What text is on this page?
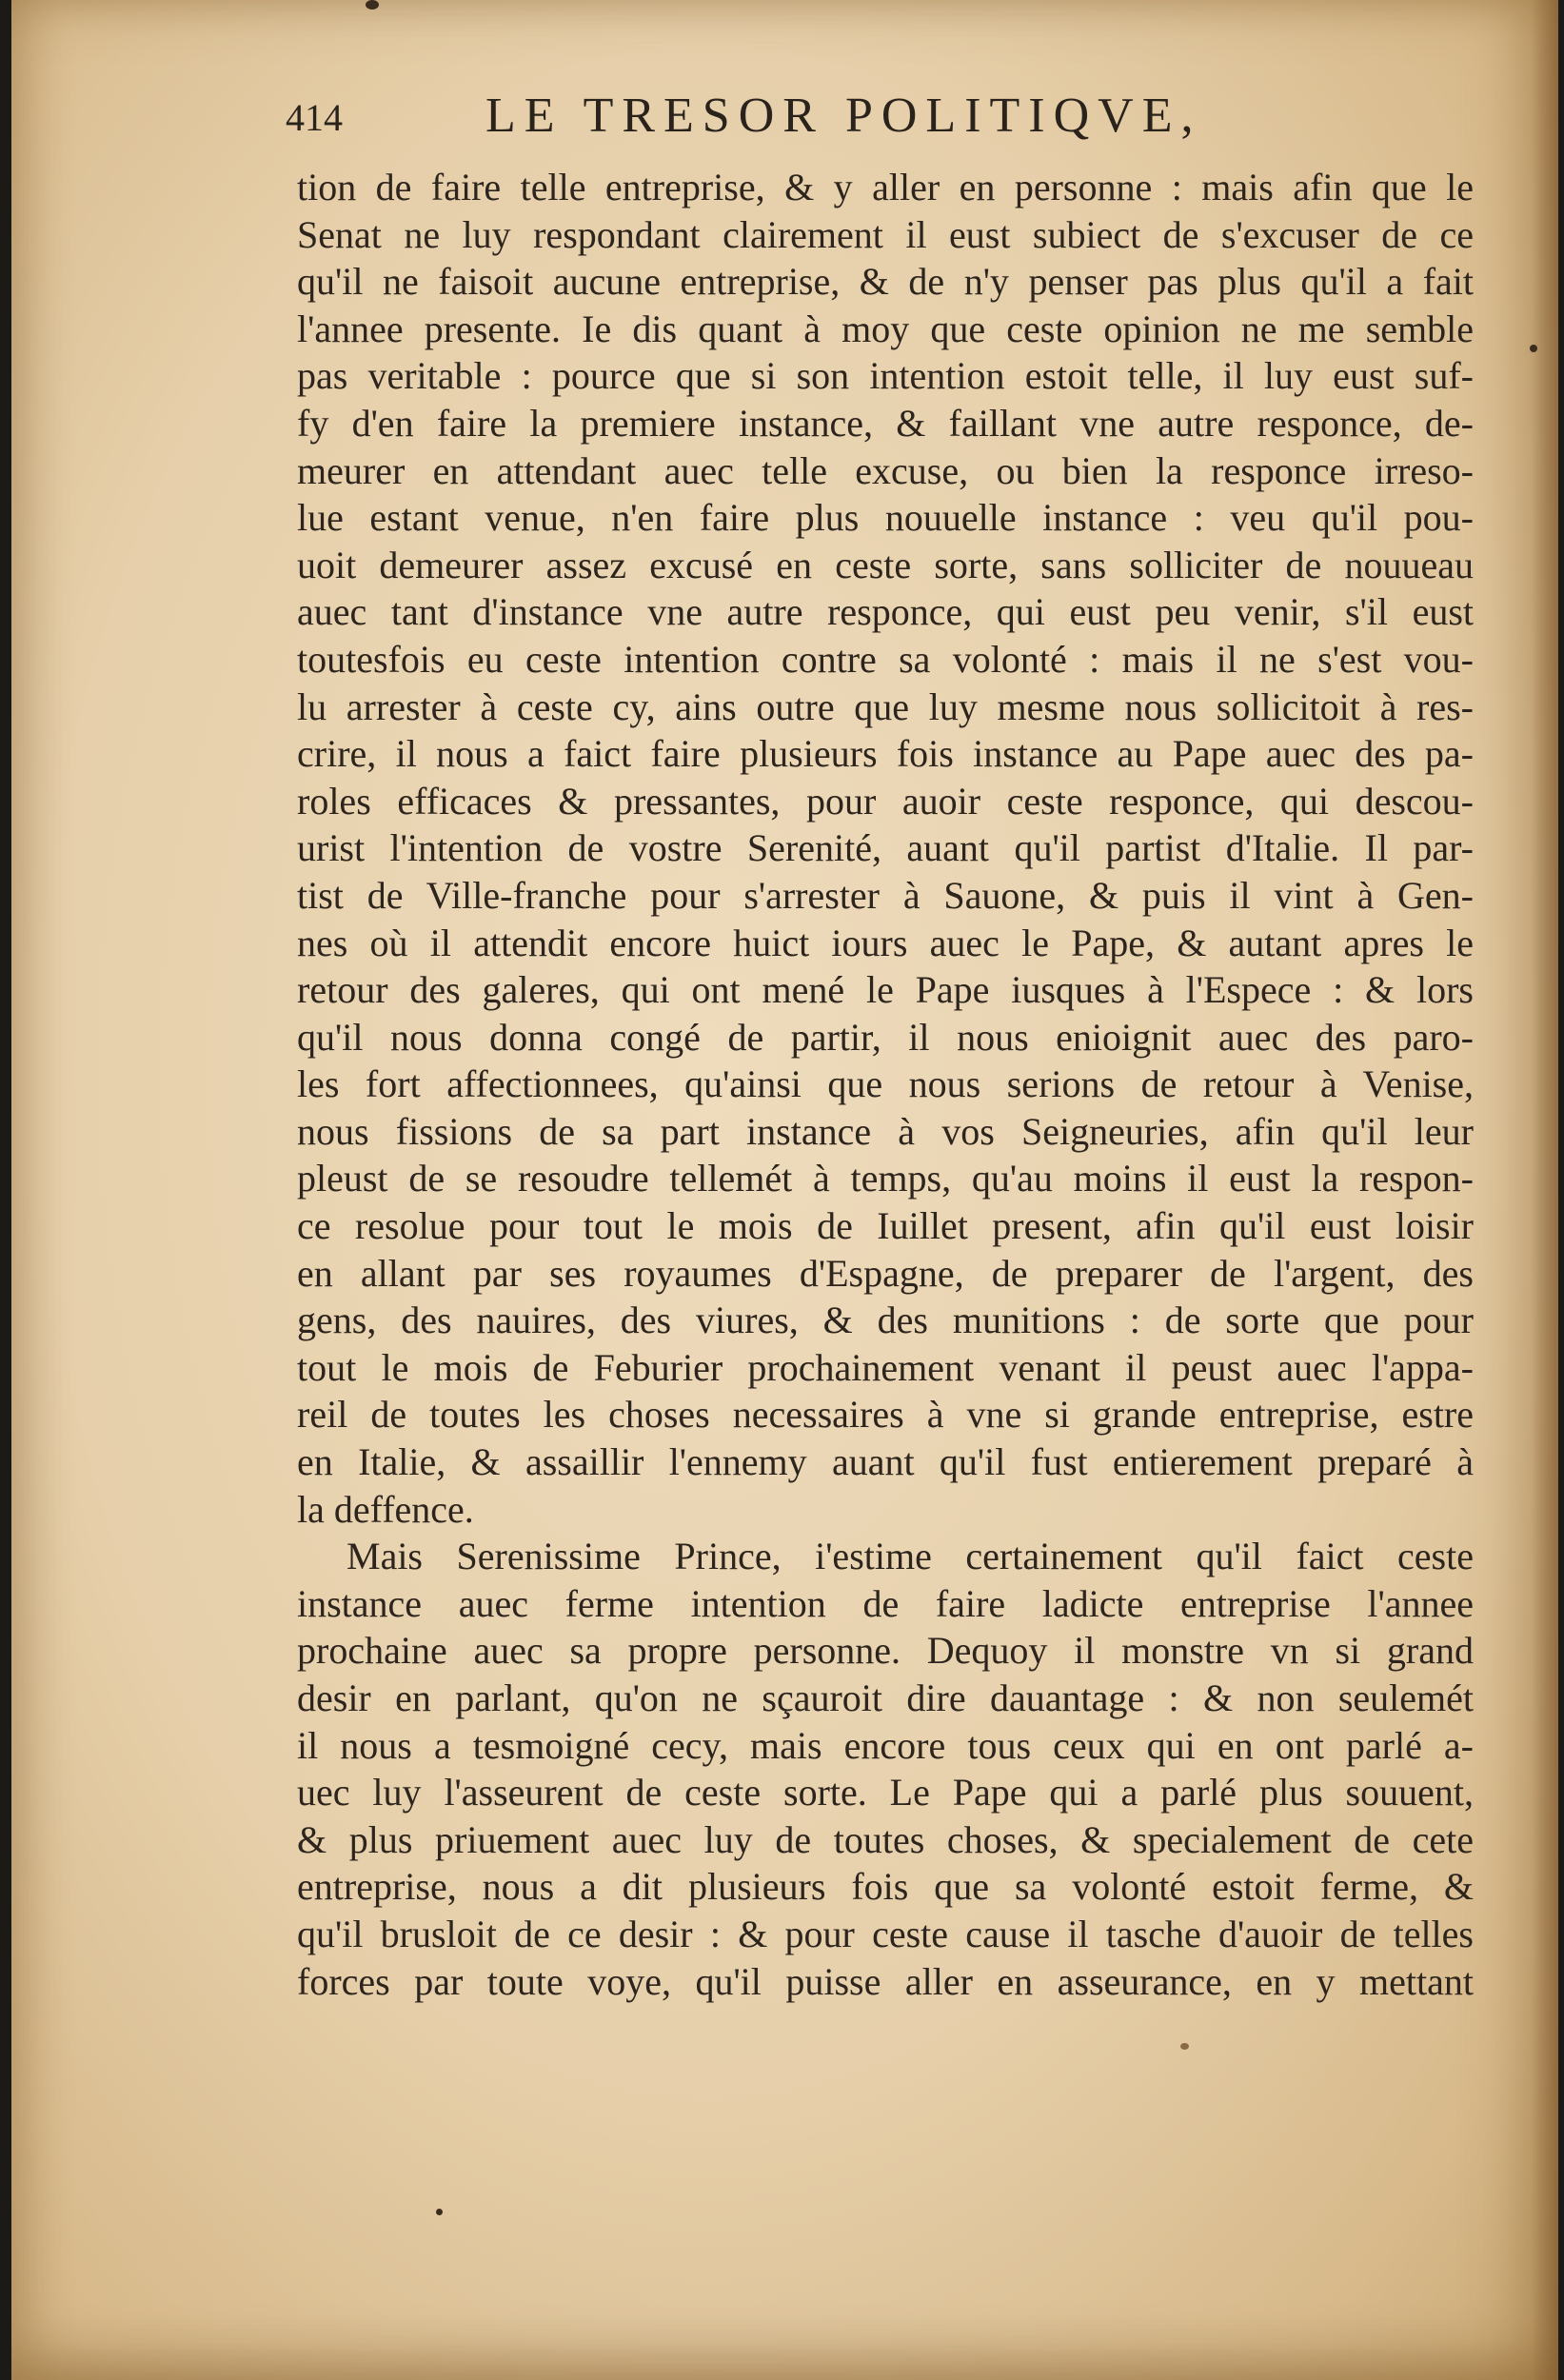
414	LE TRESOR POLITIQVE,
tion de faire telle entreprise, & y aller en personne : mais afin que le
Senat ne luy respondant clairement il eust subiect de s'excuser de ce
qu'il ne faisoit aucune entreprise, & de n'y penser pas plus qu'il a fait
l'annee presente. Ie dis quant à moy que ceste opinion ne me semble
pas veritable : pource que si son intention estoit telle, il luy eust suf-
fy d'en faire la premiere instance, & faillant vne autre responce, de-
meurer en attendant auec telle excuse, ou bien la responce irreso-
lue estant venue, n'en faire plus nouuelle instance : veu qu'il pou-
uoit demeurer assez excusé en ceste sorte, sans solliciter de nouueau
auec tant d'instance vne autre responce, qui eust peu venir, s'il eust
toutesfois eu ceste intention contre sa volonté : mais il ne s'est vou-
lu arrester à ceste cy, ains outre que luy mesme nous sollicitoit à res-
crire, il nous a faict faire plusieurs fois instance au Pape auec des pa-
roles efficaces & pressantes, pour auoir ceste responce, qui descou-
urist l'intention de vostre Serenité, auant qu'il partist d'Italie. Il par-
tist de Ville-franche pour s'arrester à Sauone, & puis il vint à Gen-
nes où il attendit encore huict iours auec le Pape, & autant apres le
retour des galeres, qui ont mené le Pape iusques à l'Espece : & lors
qu'il nous donna congé de partir, il nous enioignit auec des paro-
les fort affectionnees, qu'ainsi que nous serions de retour à Venise,
nous fissions de sa part instance à vos Seigneuries, afin qu'il leur
pleust de se resoudre tellemét à temps, qu'au moins il eust la respon-
ce resolue pour tout le mois de Iuillet present, afin qu'il eust loisir
en allant par ses royaumes d'Espagne, de preparer de l'argent, des
gens, des nauires, des viures, & des munitions : de sorte que pour
tout le mois de Feburier prochainement venant il peust auec l'appa-
reil de toutes les choses necessaires à vne si grande entreprise, estre
en Italie, & assaillir l'ennemy auant qu'il fust entierement preparé à
la deffence.
Mais Serenissime Prince, i'estime certainement qu'il faict ceste
instance auec ferme intention de faire ladicte entreprise l'annee
prochaine auec sa propre personne. Dequoy il monstre vn si grand
desir en parlant, qu'on ne sçauroit dire dauantage : & non seulemét
il nous a tesmoigné cecy, mais encore tous ceux qui en ont parlé a-
uec luy l'asseurent de ceste sorte. Le Pape qui a parlé plus souuent,
& plus priuement auec luy de toutes choses, & specialement de cete
entreprise, nous a dit plusieurs fois que sa volonté estoit ferme, &
qu'il brusloit de ce desir : & pour ceste cause il tasche d'auoir de telles
forces par toute voye, qu'il puisse aller en asseurance, en y mettant
